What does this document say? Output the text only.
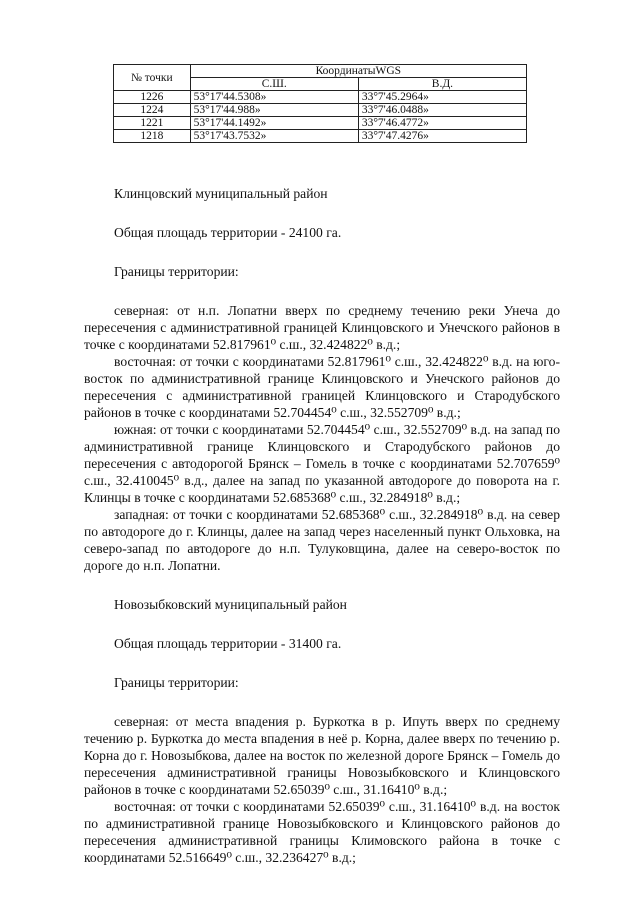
№ точки	КоординатыWGS	
	С.Ш.	В.Д.
1226	53°17'44.5308»	33°7'45.2964»
1224	53°17'44.988»	33°7'46.0488»
1221	53°17'44.1492»	33°7'46.4772»
1218	53°17'43.7532»	33°7'47.4276»

Клинцовский муниципальный район

Общая площадь территории - 24100 га.

Границы территории:

северная: от н.п. Лопатни вверх по среднему течению реки Унеча до пересечения с административной границей Клинцовского и Унечского районов в точке с координатами 52.817961⁰ с.ш., 32.424822⁰ в.д.;

восточная: от точки с координатами 52.817961⁰ с.ш., 32.424822⁰ в.д. на юго-восток по административной границе Клинцовского и Унечского районов до пересечения с административной границей Клинцовского и Стародубского районов в точке с координатами 52.704454⁰ с.ш., 32.552709⁰ в.д.;

южная: от точки с координатами 52.704454⁰ с.ш., 32.552709⁰ в.д. на запад по административной границе Клинцовского и Стародубского районов до пересечения с автодорогой Брянск – Гомель в точке с координатами 52.707659⁰ с.ш., 32.410045⁰ в.д., далее на запад по указанной автодороге до поворота на г. Клинцы в точке с координатами 52.685368⁰ с.ш., 32.284918⁰ в.д.;

западная: от точки с координатами 52.685368⁰ с.ш., 32.284918⁰ в.д. на север по автодороге до г. Клинцы, далее на запад через населенный пункт Ольховка, на северо-запад по автодороге до н.п. Тулуковщина, далее на северо-восток по дороге до н.п. Лопатни.

Новозыбковский муниципальный район

Общая площадь территории - 31400 га.

Границы территории:

северная: от места впадения р. Буркотка в р. Ипуть вверх по среднему течению р. Буркотка до места впадения в неё р. Корна, далее вверх по течению р. Корна до г. Новозыбкова, далее на восток по железной дороге Брянск – Гомель до пересечения административной границы Новозыбковского и Клинцовского районов в точке с координатами 52.65039⁰ с.ш., 31.16410⁰ в.д.;

восточная: от точки с координатами 52.65039⁰ с.ш., 31.16410⁰ в.д. на восток по административной границе Новозыбковского и Клинцовского районов до пересечения административной границы Климовского района в точке с координатами 52.516649⁰ с.ш., 32.236427⁰ в.д.;
